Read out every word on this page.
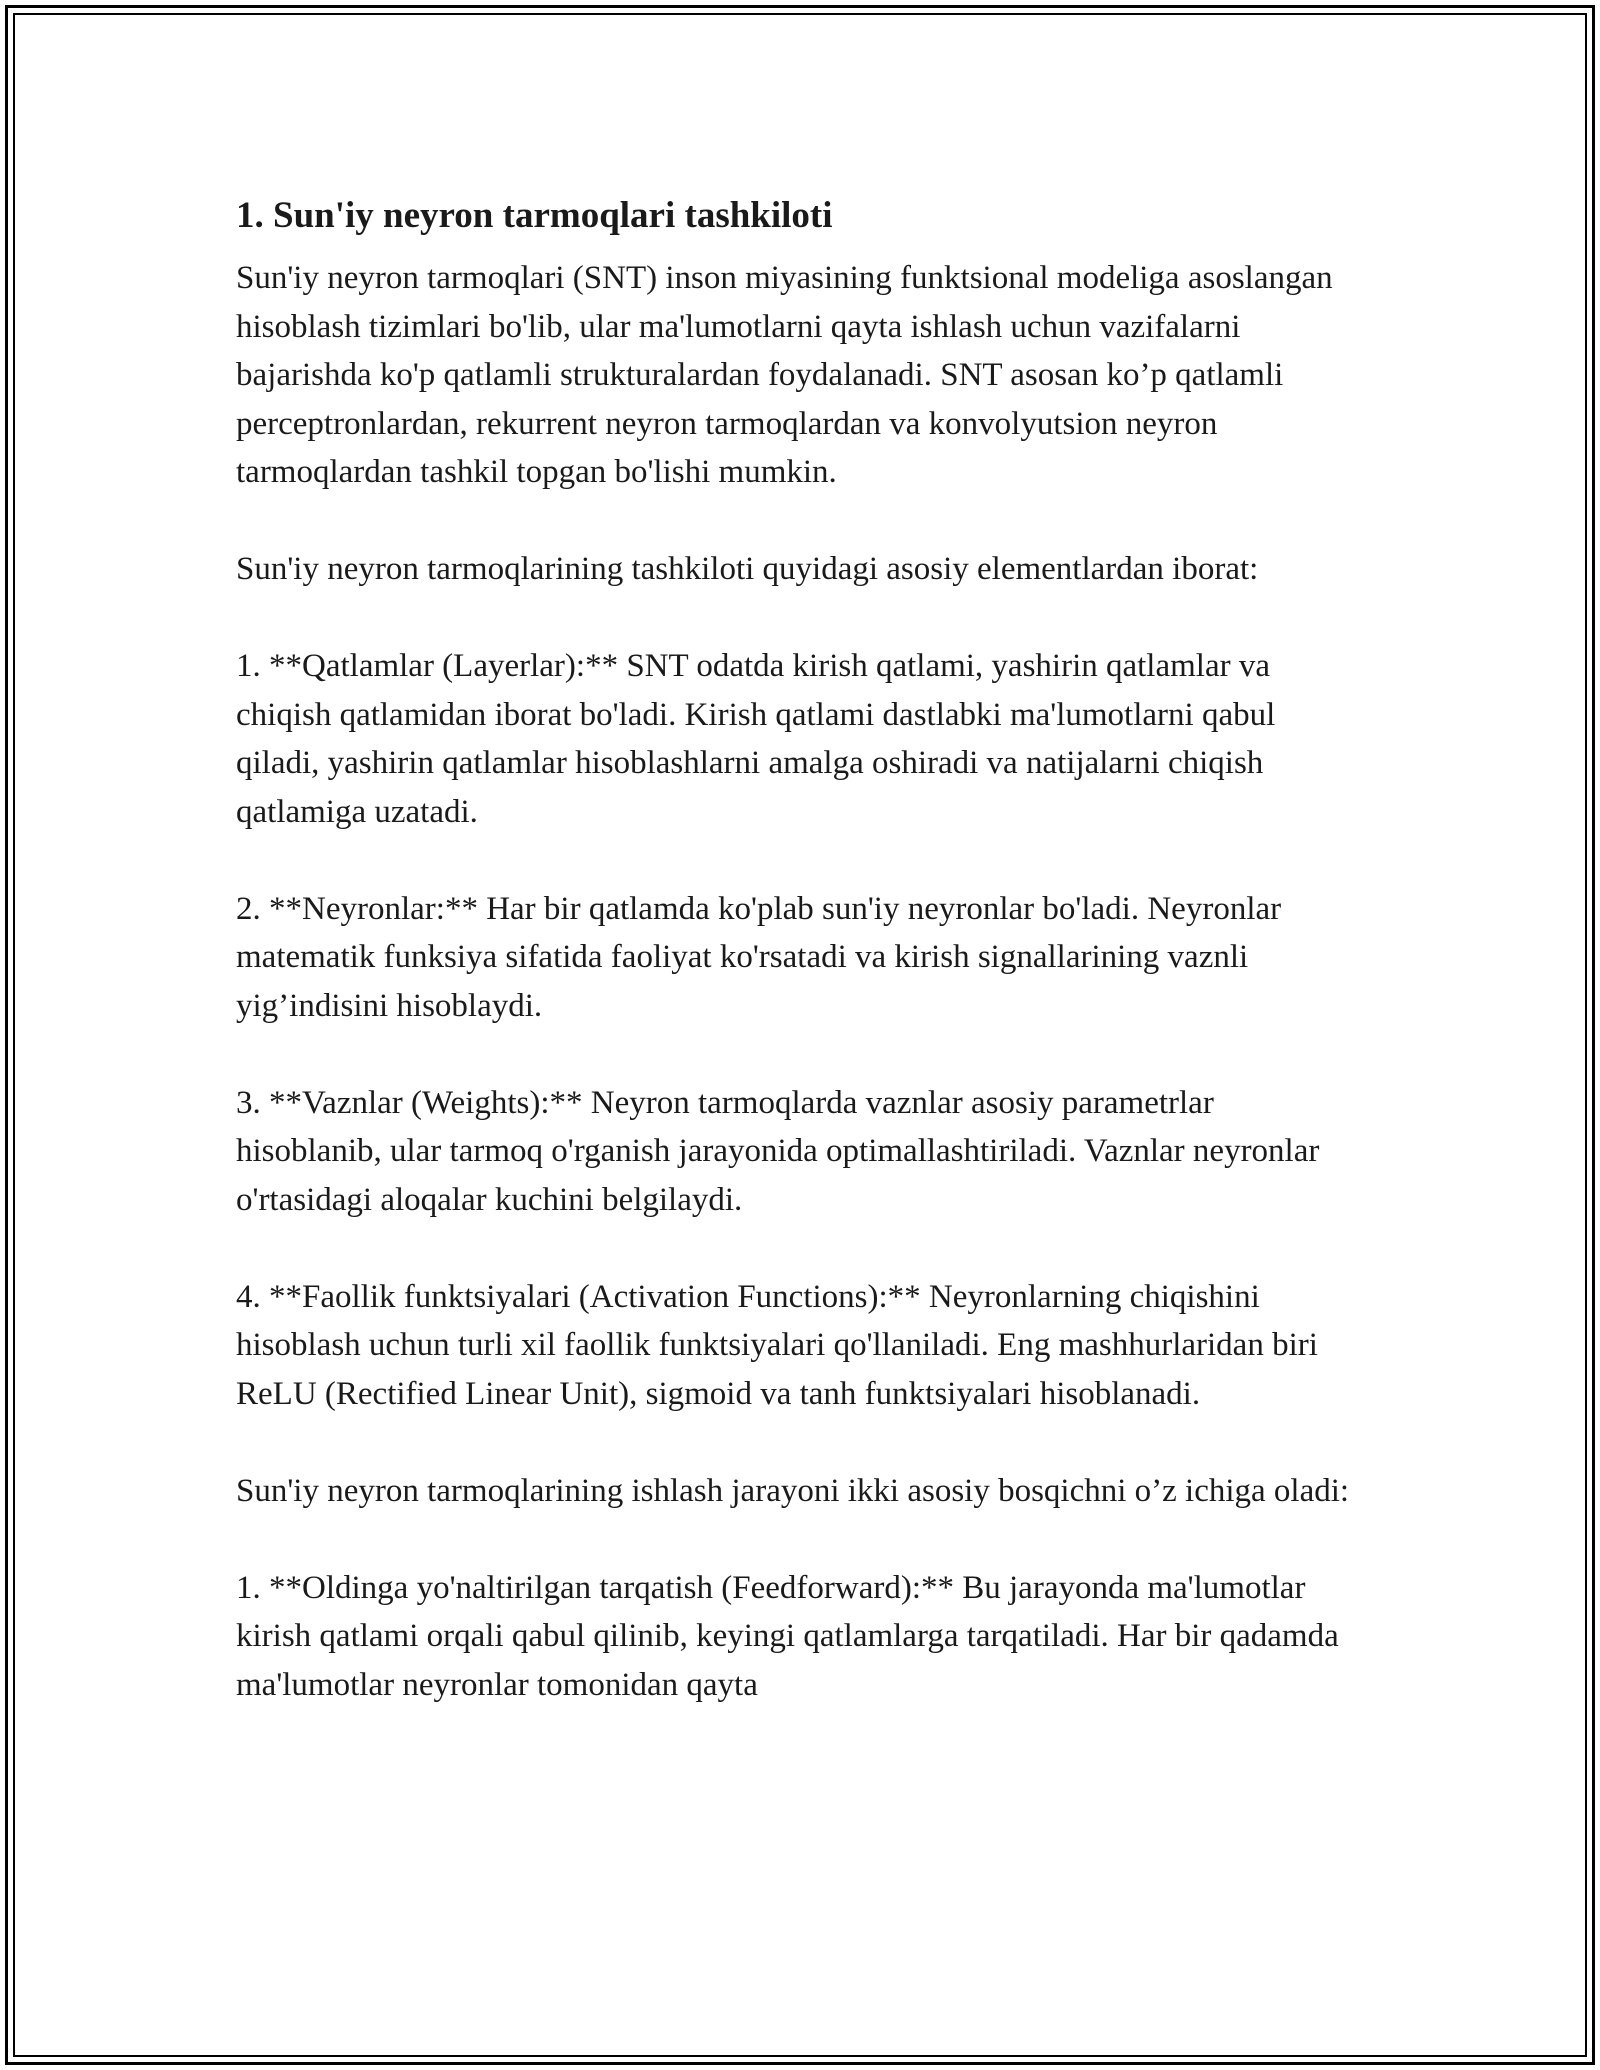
1. Sun'iy neyron tarmoqlari tashkiloti

Sun'iy neyron tarmoqlari (SNT) inson miyasining funktsional modeliga asoslangan hisoblash tizimlari bo'lib, ular ma'lumotlarni qayta ishlash uchun vazifalarni bajarishda ko'p qatlamli strukturalardan foydalanadi. SNT asosan ko’p qatlamli perceptronlardan, rekurrent neyron tarmoqlardan va konvolyutsion neyron tarmoqlardan tashkil topgan bo'lishi mumkin.

Sun'iy neyron tarmoqlarining tashkiloti quyidagi asosiy elementlardan iborat:

1. **Qatlamlar (Layerlar):** SNT odatda kirish qatlami, yashirin qatlamlar va chiqish qatlamidan iborat bo'ladi. Kirish qatlami dastlabki ma'lumotlarni qabul qiladi, yashirin qatlamlar hisoblashlarni amalga oshiradi va natijalarni chiqish qatlamiga uzatadi.

2. **Neyronlar:** Har bir qatlamda ko'plab sun'iy neyronlar bo'ladi. Neyronlar matematik funksiya sifatida faoliyat ko'rsatadi va kirish signallarining vaznli yig’indisini hisoblaydi.

3. **Vaznlar (Weights):** Neyron tarmoqlarda vaznlar asosiy parametrlar hisoblanib, ular tarmoq o'rganish jarayonida optimallashtiriladi. Vaznlar neyronlar o'rtasidagi aloqalar kuchini belgilaydi.

4. **Faollik funktsiyalari (Activation Functions):** Neyronlarning chiqishini hisoblash uchun turli xil faollik funktsiyalari qo'llaniladi. Eng mashhurlaridan biri ReLU (Rectified Linear Unit), sigmoid va tanh funktsiyalari hisoblanadi.

Sun'iy neyron tarmoqlarining ishlash jarayoni ikki asosiy bosqichni o’z ichiga oladi:

1. **Oldinga yo'naltirilgan tarqatish (Feedforward):** Bu jarayonda ma'lumotlar kirish qatlami orqali qabul qilinib, keyingi qatlamlarga tarqatiladi. Har bir qadamda ma'lumotlar neyronlar tomonidan qayta
